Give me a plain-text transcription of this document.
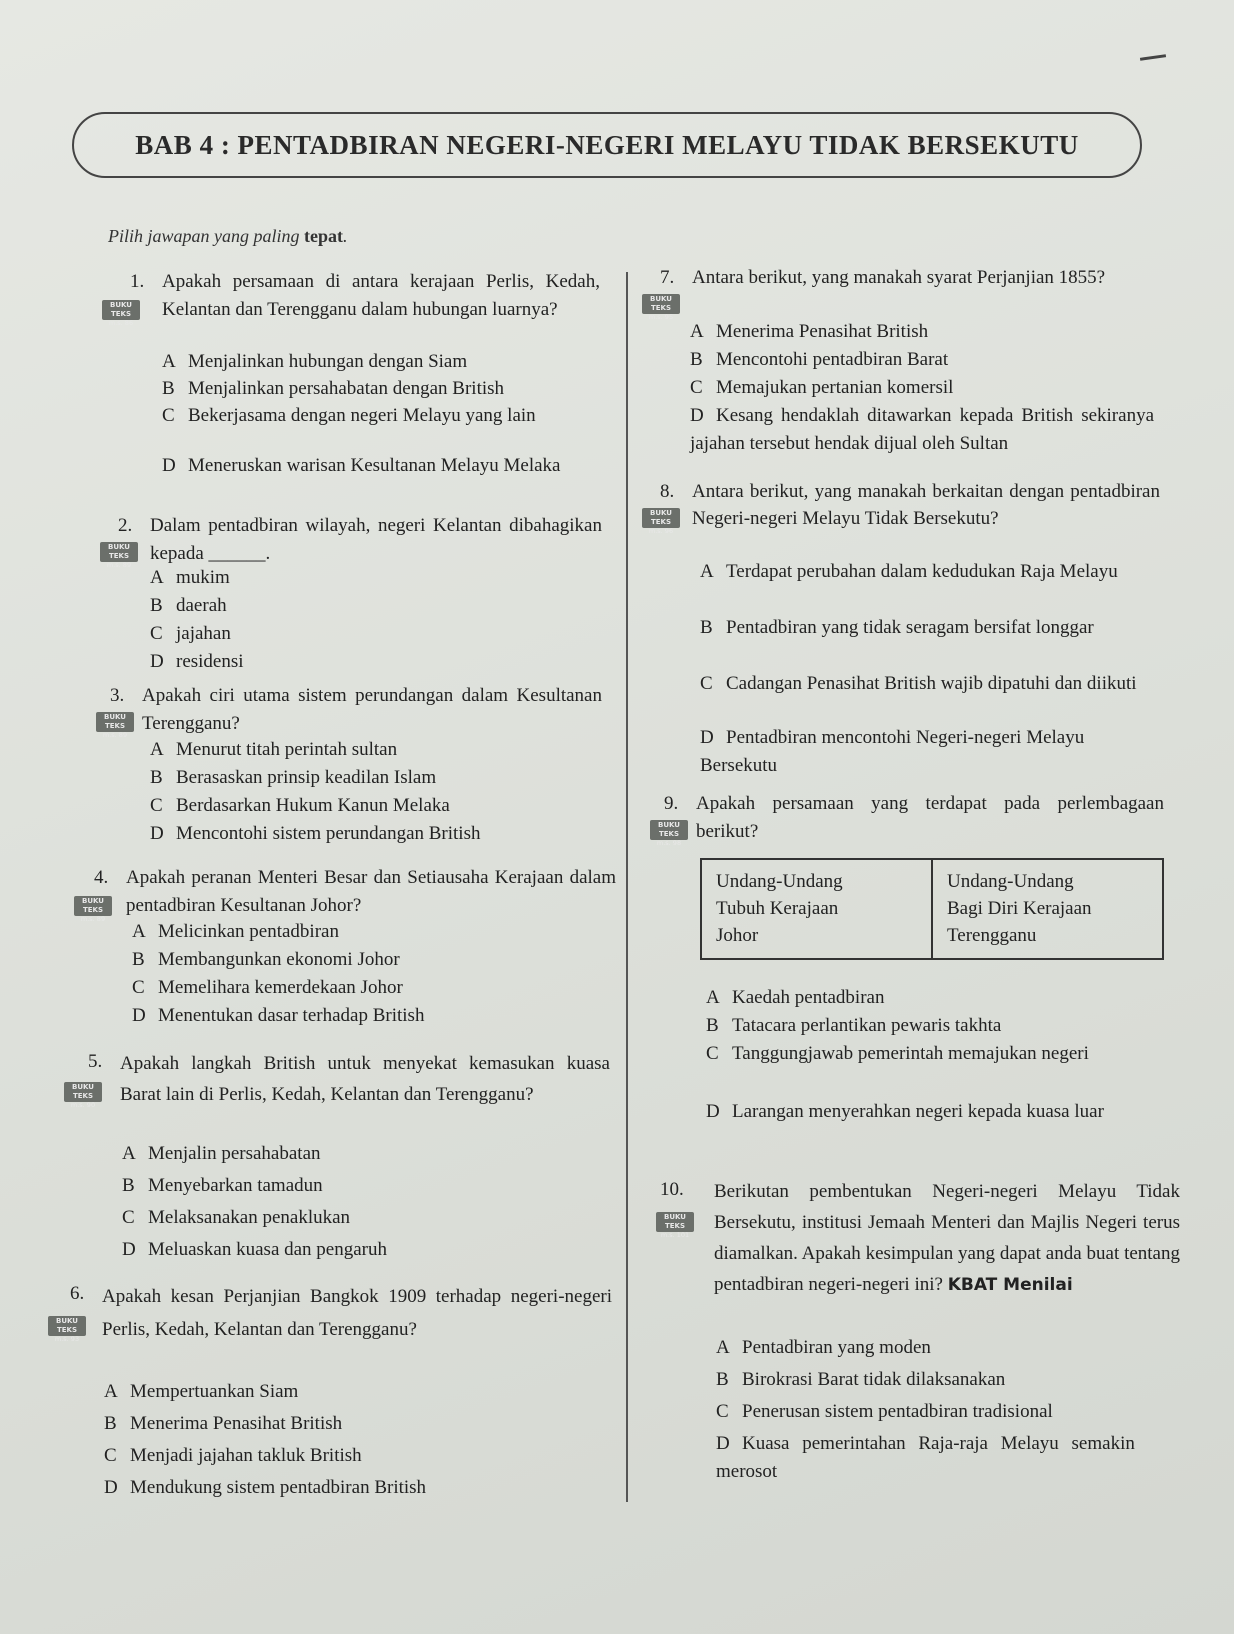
BAB 4 : PENTADBIRAN NEGERI-NEGERI MELAYU TIDAK BERSEKUTU
Pilih jawapan yang paling tepat.
1.
BUKU TEKS
m.s. 86
Apakah persamaan di antara kerajaan Perlis, Kedah, Kelantan dan Terengganu dalam hubungan luarnya?
A Menjalinkan hubungan dengan Siam
B Menjalinkan persahabatan dengan British
C Bekerjasama dengan negeri Melayu yang lain
D Meneruskan warisan Kesultanan Melayu Melaka
2.
BUKU TEKS
m.s. 89
Dalam pentadbiran wilayah, negeri Kelantan dibahagikan kepada ______.
A mukim
B daerah
C jajahan
D residensi
3.
BUKU TEKS
m.s. 89
Apakah ciri utama sistem perundangan dalam Kesultanan Terengganu?
A Menurut titah perintah sultan
B Berasaskan prinsip keadilan Islam
C Berdasarkan Hukum Kanun Melaka
D Mencontohi sistem perundangan British
4.
BUKU TEKS
m.s. 89
Apakah peranan Menteri Besar dan Setiausaha Kerajaan dalam pentadbiran Kesultanan Johor?
A Melicinkan pentadbiran
B Membangunkan ekonomi Johor
C Memelihara kemerdekaan Johor
D Menentukan dasar terhadap British
5.
BUKU TEKS
m.s. 90
Apakah langkah British untuk menyekat kemasukan kuasa Barat lain di Perlis, Kedah, Kelantan dan Terengganu?
A Menjalin persahabatan
B Menyebarkan tamadun
C Melaksanakan penaklukan
D Meluaskan kuasa dan pengaruh
6.
BUKU TEKS
m.s. 93
Apakah kesan Perjanjian Bangkok 1909 terhadap negeri-negeri Perlis, Kedah, Kelantan dan Terengganu?
A Mempertuankan Siam
B Menerima Penasihat British
C Menjadi jajahan takluk British
D Mendukung sistem pentadbiran British
7.
BUKU TEKS
m.s. 95
Antara berikut, yang manakah syarat Perjanjian 1855?
A Menerima Penasihat British
B Mencontohi pentadbiran Barat
C Memajukan pertanian komersil
D Kesang hendaklah ditawarkan kepada British sekiranya jajahan tersebut hendak dijual oleh Sultan
8.
BUKU TEKS
m.s. 96
Antara berikut, yang manakah berkaitan dengan pentadbiran Negeri-negeri Melayu Tidak Bersekutu?
A Terdapat perubahan dalam kedudukan Raja Melayu
B Pentadbiran yang tidak seragam bersifat longgar
C Cadangan Penasihat British wajib dipatuhi dan diikuti
D Pentadbiran mencontohi Negeri-negeri Melayu Bersekutu
9.
BUKU TEKS
m.s. 98
Apakah persamaan yang terdapat pada perlembagaan berikut?
Undang-Undang
Tubuh Kerajaan
Johor
Undang-Undang
Bagi Diri Kerajaan
Terengganu
A Kaedah pentadbiran
B Tatacara perlantikan pewaris takhta
C Tanggungjawab pemerintah memajukan negeri
D Larangan menyerahkan negeri kepada kuasa luar
10.
BUKU TEKS
m.s. 101
Berikutan pembentukan Negeri-negeri Melayu Tidak Bersekutu, institusi Jemaah Menteri dan Majlis Negeri terus diamalkan. Apakah kesimpulan yang dapat anda buat tentang pentadbiran negeri-negeri ini? KBAT Menilai
A Pentadbiran yang moden
B Birokrasi Barat tidak dilaksanakan
C Penerusan sistem pentadbiran tradisional
D Kuasa pemerintahan Raja-raja Melayu semakin merosot
